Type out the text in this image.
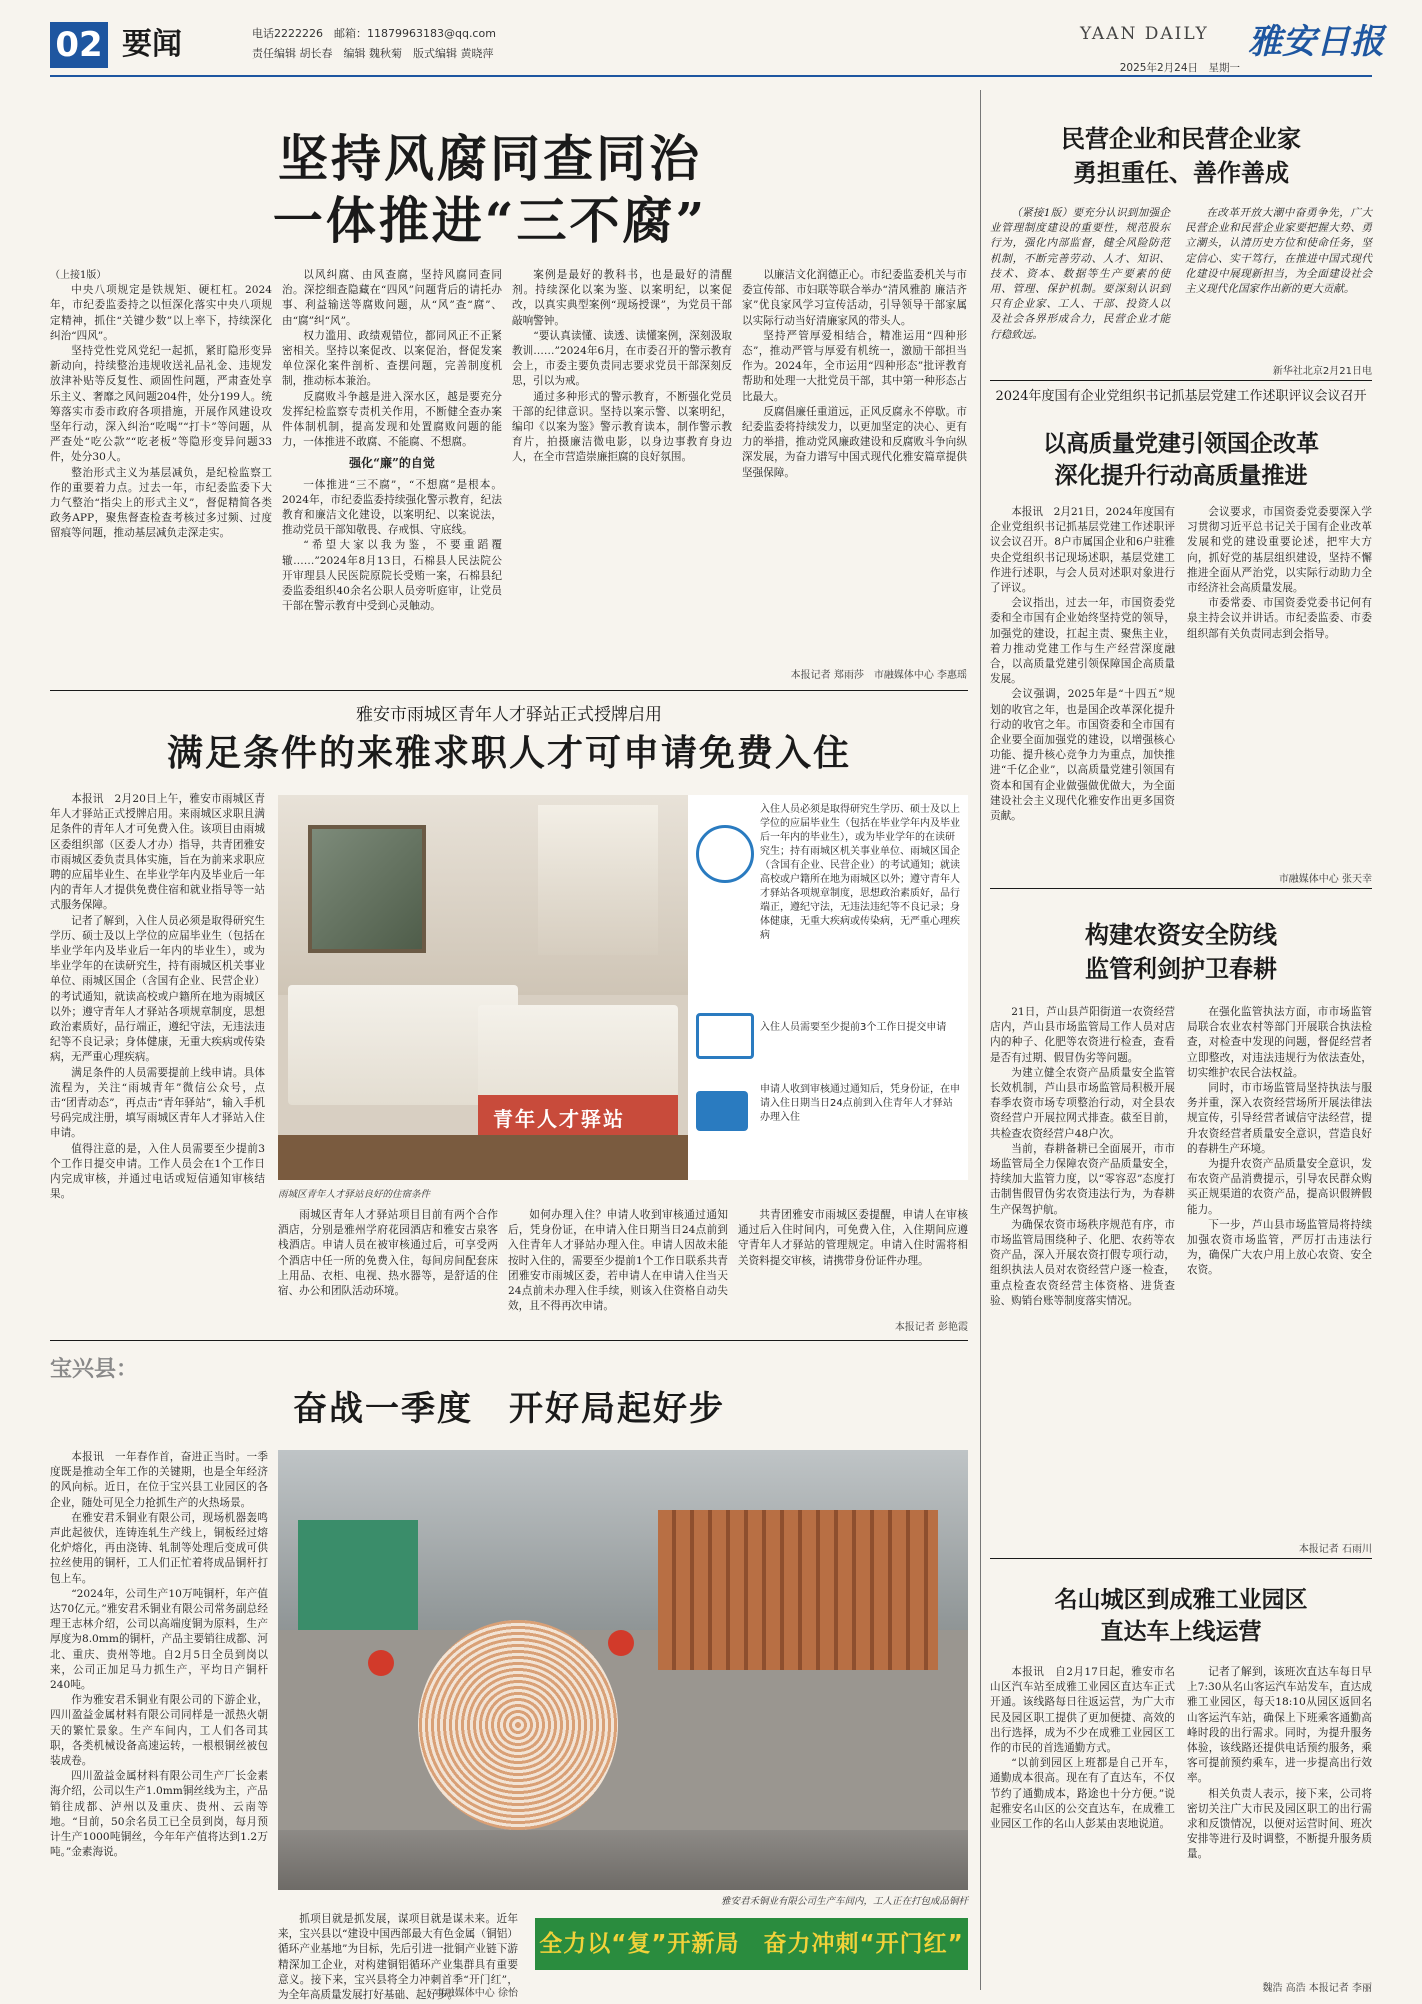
02 要闻	电话2222226　邮箱：11879963183@qq.com
责任编辑 胡长春　编辑 魏秋菊　版式编辑 黄晓萍
YAAN DAILY 雅安日报
2025年2月24日　星期一
坚持风腐同查同治
一体推进“三不腐”
（上接1版）

中央八项规定是铁规矩、硬杠杠。2024年，市纪委监委持之以恒深化落实中央八项规定精神，抓住“关键少数”以上率下，持续深化纠治“四风”。

坚持党性党风党纪一起抓，紧盯隐形变异新动向，持续整治违规收送礼品礼金、违规发放津补贴等反复性、顽固性问题，严肃查处享乐主义、奢靡之风问题204件，处分199人。统筹落实市委市政府各项措施，开展作风建设攻坚年行动，深入纠治“吃喝”“打卡”等问题，从严查处“吃公款”“吃老板”等隐形变异问题33件，处分30人。

整治形式主义为基层减负，是纪检监察工作的重要着力点。过去一年，市纪委监委下大力气整治“指尖上的形式主义”，督促精简各类政务APP，聚焦督查检查考核过多过频、过度留痕等问题，推动基层减负走深走实。

以风纠腐、由风查腐，坚持风腐同查同治。深挖细查隐藏在“四风”问题背后的请托办事、利益输送等腐败问题，从“风”查“腐”、由“腐”纠“风”。

权力滥用、政绩观错位，都同风正不正紧密相关。坚持以案促改、以案促治，督促发案单位深化案件剖析、查摆问题，完善制度机制，推动标本兼治。

反腐败斗争越是进入深水区，越是要充分发挥纪检监察专责机关作用，不断健全查办案件体制机制，提高发现和处置腐败问题的能力，一体推进不敢腐、不能腐、不想腐。

强化“廉”的自觉

一体推进“三不腐”，“不想腐”是根本。2024年，市纪委监委持续强化警示教育，纪法教育和廉洁文化建设，以案明纪、以案说法，推动党员干部知敬畏、存戒惧、守底线。

“希望大家以我为鉴，不要重蹈覆辙……”2024年8月13日，石棉县人民法院公开审理县人民医院原院长受贿一案，石棉县纪委监委组织40余名公职人员旁听庭审，让党员干部在警示教育中受到心灵触动。

案例是最好的教科书，也是最好的清醒剂。持续深化以案为鉴、以案明纪，以案促改，以真实典型案例“现场授课”，为党员干部敲响警钟。

“要认真读懂、读透、读懂案例，深刻汲取教训……”2024年6月，在市委召开的警示教育会上，市委主要负责同志要求党员干部深刻反思，引以为戒。

通过多种形式的警示教育，不断强化党员干部的纪律意识。坚持以案示警、以案明纪，编印《以案为鉴》警示教育读本，制作警示教育片，拍摄廉洁微电影，以身边事教育身边人，在全市营造崇廉拒腐的良好氛围。

以廉洁文化润德正心。市纪委监委机关与市委宣传部、市妇联等联合举办“清风雅韵 廉洁齐家”优良家风学习宣传活动，引导领导干部家属以实际行动当好清廉家风的带头人。

坚持严管厚爱相结合，精准运用“四种形态”，推动严管与厚爱有机统一，激励干部担当作为。2024年，全市运用“四种形态”批评教育帮助和处理一大批党员干部，其中第一种形态占比最大。

反腐倡廉任重道远，正风反腐永不停歇。市纪委监委将持续发力，以更加坚定的决心、更有力的举措，推动党风廉政建设和反腐败斗争向纵深发展，为奋力谱写中国式现代化雅安篇章提供坚强保障。

本报记者 郑雨莎　市融媒体中心 李惠瑶
雅安市雨城区青年人才驿站正式授牌启用
满足条件的来雅求职人才可申请免费入住

本报讯　2月20日上午，雅安市雨城区青年人才驿站正式授牌启用。来雨城区求职且满足条件的青年人才可免费入住。该项目由雨城区委组织部（区委人才办）指导，共青团雅安市雨城区委负责具体实施，旨在为前来求职应聘的应届毕业生、在毕业学年内及毕业后一年内的青年人才提供免费住宿和就业指导等一站式服务保障。

记者了解到，入住人员必须是取得研究生学历、硕士及以上学位的应届毕业生（包括在毕业学年内及毕业后一年内的毕业生），或为毕业学年的在读研究生，持有雨城区机关事业单位、雨城区国企（含国有企业、民营企业）的考试通知，就读高校或户籍所在地为雨城区以外；遵守青年人才驿站各项规章制度，思想政治素质好，品行端正，遵纪守法，无违法违纪等不良记录；身体健康，无重大疾病或传染病，无严重心理疾病。

满足条件的人员需要提前上线申请。具体流程为，关注“雨城青年”微信公众号，点击“团青动态”，再点击“青年驿站”，输入手机号码完成注册，填写雨城区青年人才驿站入住申请。

值得注意的是，入住人员需要至少提前3个工作日提交申请。工作人员会在1个工作日内完成审核，并通过电话或短信通知审核结果。

青年人才驿站
雨城区青年人才驿站良好的住宿条件
入住人员必须是取得研究生学历、硕士及以上学位的应届毕业生（包括在毕业学年内及毕业后一年内的毕业生），或为毕业学年的在读研究生；持有雨城区机关事业单位、雨城区国企（含国有企业、民营企业）的考试通知；就读高校或户籍所在地为雨城区以外；遵守青年人才驿站各项规章制度，思想政治素质好，品行端正，遵纪守法，无违法违纪等不良记录；身体健康，无重大疾病或传染病，无严重心理疾病
入住人员需要至少提前3个工作日提交申请
申请人收到审核通过通知后，凭身份证，在申请入住日期当日24点前到入住青年人才驿站办理入住

雨城区青年人才驿站项目目前有两个合作酒店，分别是雅州学府花园酒店和雅安古泉客栈酒店。申请人员在被审核通过后，可享受两个酒店中任一所的免费入住，每间房间配套床上用品、衣柜、电视、热水器等，是舒适的住宿、办公和团队活动环境。

如何办理入住？申请人收到审核通过通知后，凭身份证，在申请入住日期当日24点前到入住青年人才驿站办理入住。申请人因故未能按时入住的，需要至少提前1个工作日联系共青团雅安市雨城区委，若申请人在申请入住当天24点前未办理入住手续，则该入住资格自动失效，且不得再次申请。

共青团雅安市雨城区委提醒，申请人在审核通过后入住时间内，可免费入住，入住期间应遵守青年人才驿站的管理规定。申请入住时需将相关资料提交审核，请携带身份证件办理。

本报记者 彭艳霞
宝兴县：
奋战一季度　开好局起好步

本报讯　一年春作首，奋进正当时。一季度既是推动全年工作的关键期，也是全年经济的风向标。近日，在位于宝兴县工业园区的各企业，随处可见全力抢抓生产的火热场景。

在雅安君禾铜业有限公司，现场机器轰鸣声此起彼伏，连铸连轧生产线上，铜板经过熔化炉熔化，再由浇铸、轧制等处理后变成可供拉丝使用的铜杆，工人们正忙着将成品铜杆打包上车。

“2024年，公司生产10万吨铜杆，年产值达70亿元。”雅安君禾铜业有限公司常务副总经理王志林介绍，公司以高端度铜为原料，生产厚度为8.0mm的铜杆，产品主要销往成都、河北、重庆、贵州等地。自2月5日全员到岗以来，公司正加足马力抓生产，平均日产铜杆240吨。

作为雅安君禾铜业有限公司的下游企业，四川盈益金属材料有限公司同样是一派热火朝天的繁忙景象。生产车间内，工人们各司其职，各类机械设备高速运转，一根根铜丝被包装成卷。

四川盈益金属材料有限公司生产厂长金素海介绍，公司以生产1.0mm铜丝线为主，产品销往成都、泸州以及重庆、贵州、云南等地。“目前，50余名员工已全员到岗，每月预计生产1000吨铜丝，今年年产值将达到1.2万吨。”金素海说。

雅安君禾铜业有限公司生产车间内，工人正在打包成品铜杆

抓项目就是抓发展，谋项目就是谋未来。近年来，宝兴县以“建设中国西部最大有色金属（铜铝）循环产业基地”为目标，先后引进一批铜产业链下游精深加工企业，对构建铜铝循环产业集群具有重要意义。接下来，宝兴县将全力冲刺首季“开门红”，为全年高质量发展打好基础、起好步。

市融媒体中心 徐怡
全力以“复”开新局　奋力冲刺“开门红”
民营企业和民营企业家
勇担重任、善作善成

（紧接1版）要充分认识到加强企业管理制度建设的重要性，规范股东行为，强化内部监督，健全风险防范机制，不断完善劳动、人才、知识、技术、资本、数据等生产要素的使用、管理、保护机制。要深刻认识到只有企业家、工人、干部、投资人以及社会各界形成合力，民营企业才能行稳致远。

在改革开放大潮中奋勇争先，广大民营企业和民营企业家要把握大势、勇立潮头，认清历史方位和使命任务，坚定信心、实干笃行，在推进中国式现代化建设中展现新担当，为全面建设社会主义现代化国家作出新的更大贡献。

新华社北京2月21日电
2024年度国有企业党组织书记抓基层党建工作述职评议会议召开
以高质量党建引领国企改革
深化提升行动高质量推进

本报讯　2月21日，2024年度国有企业党组织书记抓基层党建工作述职评议会议召开。8户市属国企业和6户驻雅央企党组织书记现场述职，基层党建工作进行述职，与会人员对述职对象进行了评议。

会议指出，过去一年，市国资委党委和全市国有企业始终坚持党的领导，加强党的建设，扛起主责、聚焦主业，着力推动党建工作与生产经营深度融合，以高质量党建引领保障国企高质量发展。

会议强调，2025年是“十四五”规划的收官之年，也是国企改革深化提升行动的收官之年。市国资委和全市国有企业要全面加强党的建设，以增强核心功能、提升核心竞争力为重点，加快推进“千亿企业”，以高质量党建引领国有资本和国有企业做强做优做大，为全面建设社会主义现代化雅安作出更多国资贡献。

会议要求，市国资委党委要深入学习贯彻习近平总书记关于国有企业改革发展和党的建设重要论述，把牢大方向，抓好党的基层组织建设，坚持不懈推进全面从严治党，以实际行动助力全市经济社会高质量发展。

市委常委、市国资委党委书记何有泉主持会议并讲话。市纪委监委、市委组织部有关负责同志到会指导。

市融媒体中心 张天幸
构建农资安全防线
监管利剑护卫春耕

21日，芦山县芦阳街道一农资经营店内，芦山县市场监管局工作人员对店内的种子、化肥等农资进行检查，查看是否有过期、假冒伪劣等问题。

为建立健全农资产品质量安全监管长效机制，芦山县市场监管局积极开展春季农资市场专项整治行动，对全县农资经营户开展拉网式排查。截至目前，共检查农资经营户48户次。

当前，春耕备耕已全面展开，市市场监管局全力保障农资产品质量安全，持续加大监管力度，以“零容忍”态度打击制售假冒伪劣农资违法行为，为春耕生产保驾护航。

为确保农资市场秩序规范有序，市市场监管局围绕种子、化肥、农药等农资产品，深入开展农资打假专项行动，组织执法人员对农资经营户逐一检查，重点检查农资经营主体资格、进货查验、购销台账等制度落实情况。

在强化监管执法方面，市市场监管局联合农业农村等部门开展联合执法检查，对检查中发现的问题，督促经营者立即整改，对违法违规行为依法查处，切实维护农民合法权益。

同时，市市场监管局坚持执法与服务并重，深入农资经营场所开展法律法规宣传，引导经营者诚信守法经营，提升农资经营者质量安全意识，营造良好的春耕生产环境。

为提升农资产品质量安全意识，发布农资产品消费提示，引导农民群众购买正规渠道的农资产品，提高识假辨假能力。

下一步，芦山县市场监管局将持续加强农资市场监管，严厉打击违法行为，确保广大农户用上放心农资、安全农资。

本报记者 石雨川
名山城区到成雅工业园区
直达车上线运营

本报讯　自2月17日起，雅安市名山区汽车站至成雅工业园区直达车正式开通。该线路每日往返运营，为广大市民及园区职工提供了更加便捷、高效的出行选择，成为不少在成雅工业园区工作的市民的首选通勤方式。

“以前到园区上班都是自己开车，通勤成本很高。现在有了直达车，不仅节约了通勤成本，路途也十分方便。”说起雅安名山区的公交直达车，在成雅工业园区工作的名山人彭某由衷地说道。

记者了解到，该班次直达车每日早上7:30从名山客运汽车站发车，直达成雅工业园区，每天18:10从园区返回名山客运汽车站，确保上下班乘客通勤高峰时段的出行需求。同时，为提升服务体验，该线路还提供电话预约服务，乘客可提前预约乘车，进一步提高出行效率。

相关负责人表示，接下来，公司将密切关注广大市民及园区职工的出行需求和反馈情况，以便对运营时间、班次安排等进行及时调整，不断提升服务质量。

魏浩 高浩 本报记者 李丽
